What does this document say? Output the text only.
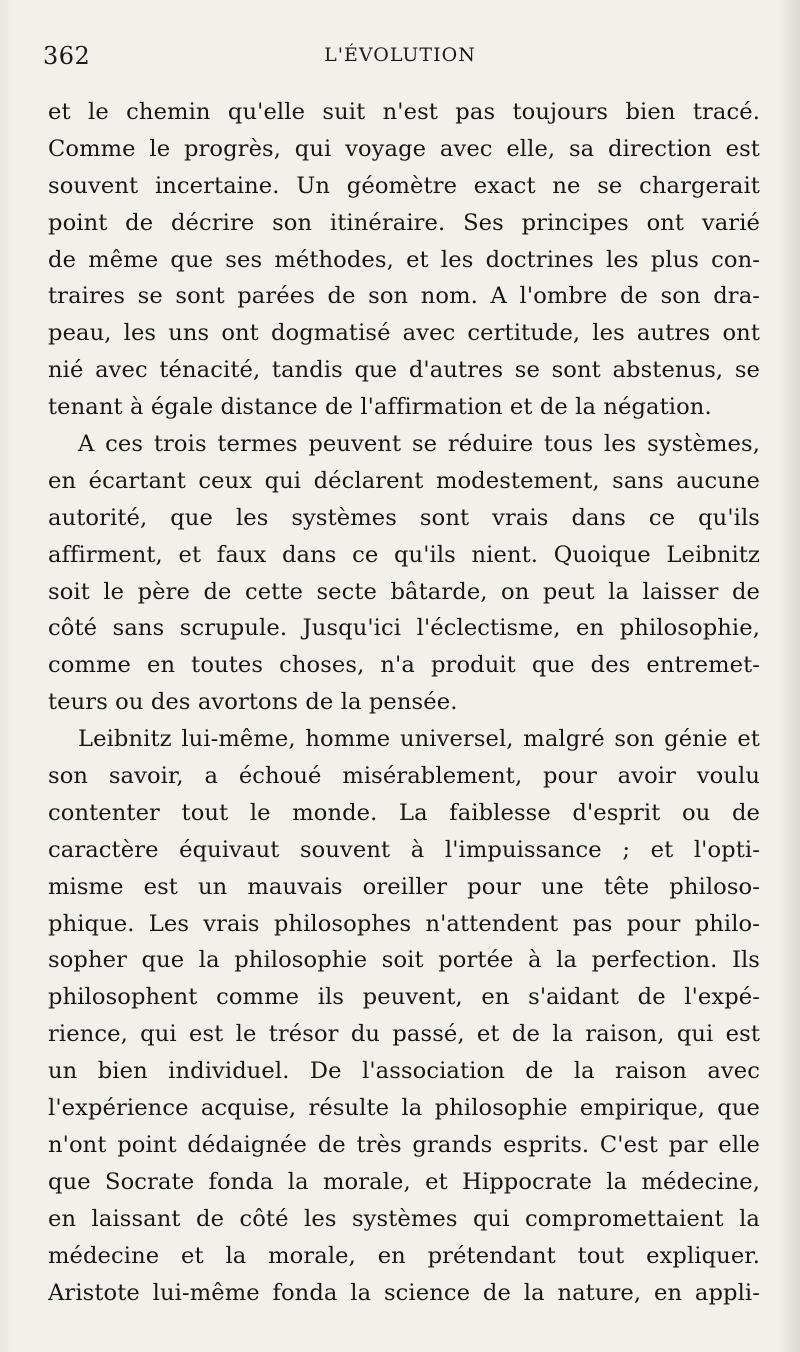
362	L'ÉVOLUTION
et le chemin qu'elle suit n'est pas toujours bien tracé.
Comme le progrès, qui voyage avec elle, sa direction est
souvent incertaine. Un géomètre exact ne se chargerait
point de décrire son itinéraire. Ses principes ont varié
de même que ses méthodes, et les doctrines les plus con-
traires se sont parées de son nom. A l'ombre de son dra-
peau, les uns ont dogmatisé avec certitude, les autres ont
nié avec ténacité, tandis que d'autres se sont abstenus, se
tenant à égale distance de l'affirmation et de la négation.
A ces trois termes peuvent se réduire tous les systèmes,
en écartant ceux qui déclarent modestement, sans aucune
autorité, que les systèmes sont vrais dans ce qu'ils
affirment, et faux dans ce qu'ils nient. Quoique Leibnitz
soit le père de cette secte bâtarde, on peut la laisser de
côté sans scrupule. Jusqu'ici l'éclectisme, en philosophie,
comme en toutes choses, n'a produit que des entremet-
teurs ou des avortons de la pensée.
Leibnitz lui-même, homme universel, malgré son génie et
son savoir, a échoué misérablement, pour avoir voulu
contenter tout le monde. La faiblesse d'esprit ou de
caractère équivaut souvent à l'impuissance ; et l'opti-
misme est un mauvais oreiller pour une tête philoso-
phique. Les vrais philosophes n'attendent pas pour philo-
sopher que la philosophie soit portée à la perfection. Ils
philosophent comme ils peuvent, en s'aidant de l'expé-
rience, qui est le trésor du passé, et de la raison, qui est
un bien individuel. De l'association de la raison avec
l'expérience acquise, résulte la philosophie empirique, que
n'ont point dédaignée de très grands esprits. C'est par elle
que Socrate fonda la morale, et Hippocrate la médecine,
en laissant de côté les systèmes qui compromettaient la
médecine et la morale, en prétendant tout expliquer.
Aristote lui-même fonda la science de la nature, en appli-
